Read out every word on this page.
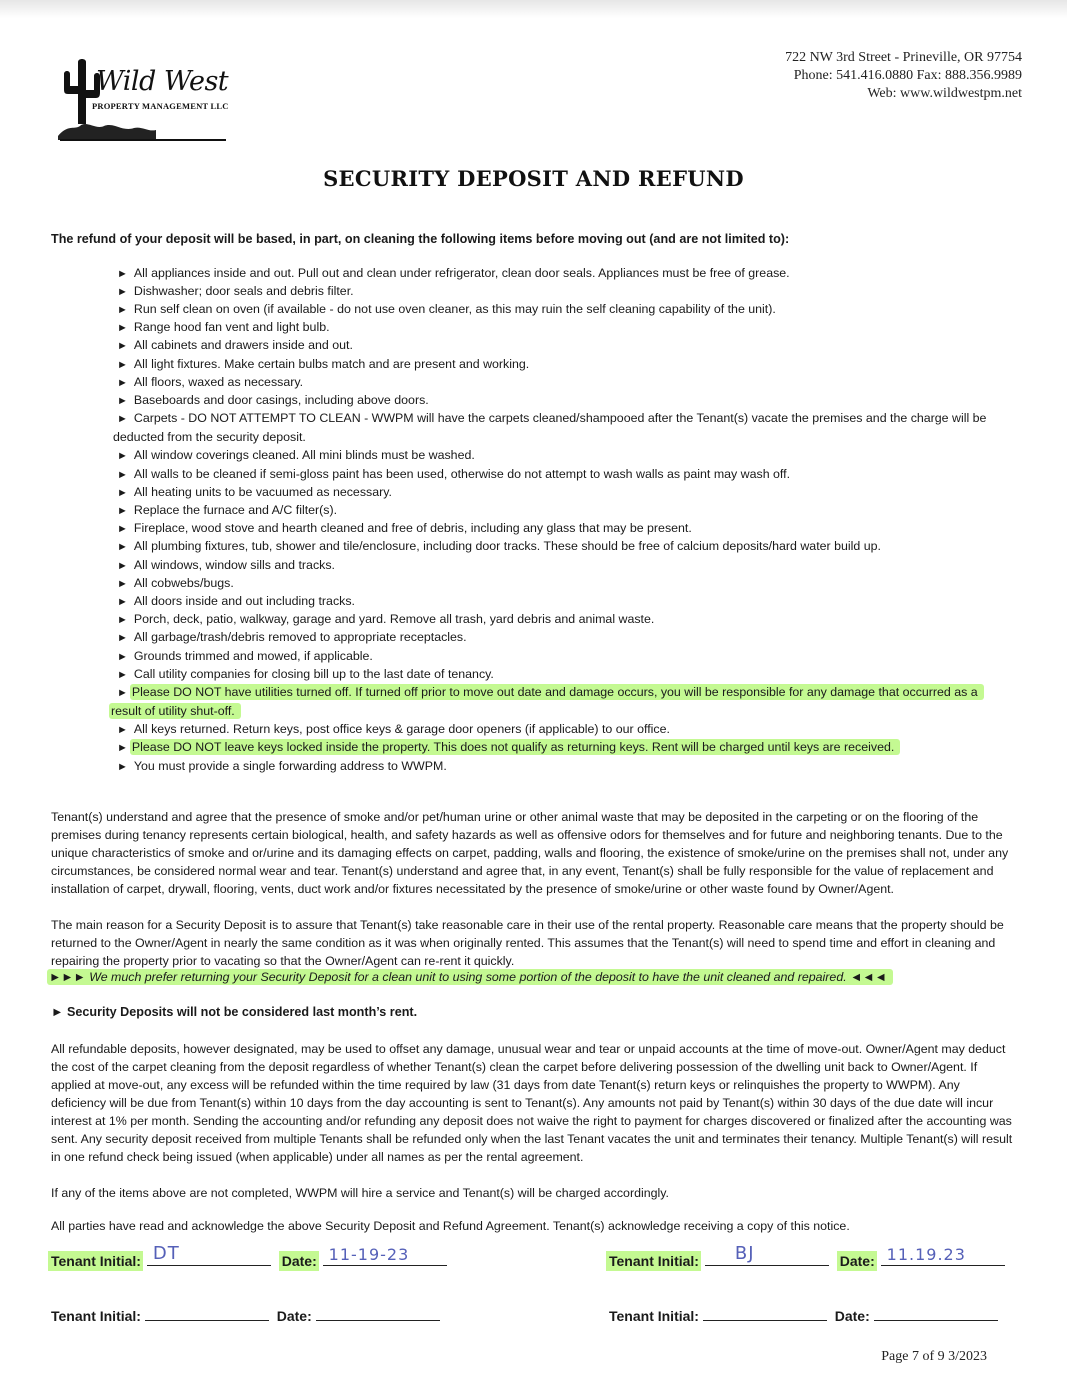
Wild West
PROPERTY MANAGEMENT LLC
722 NW 3rd Street - Prineville, OR 97754
Phone: 541.416.0880 Fax: 888.356.9989
Web: www.wildwestpm.net
SECURITY DEPOSIT AND REFUND
The refund of your deposit will be based, in part, on cleaning the following items before moving out (and are not limited to):
► All appliances inside and out. Pull out and clean under refrigerator, clean door seals. Appliances must be free of grease.
► Dishwasher; door seals and debris filter.
► Run self clean on oven (if available - do not use oven cleaner, as this may ruin the self cleaning capability of the unit).
► Range hood fan vent and light bulb.
► All cabinets and drawers inside and out.
► All light fixtures. Make certain bulbs match and are present and working.
► All floors, waxed as necessary.
► Baseboards and door casings, including above doors.
► Carpets - DO NOT ATTEMPT TO CLEAN - WWPM will have the carpets cleaned/shampooed after the Tenant(s) vacate the premises and the charge will be deducted from the security deposit.
► All window coverings cleaned. All mini blinds must be washed.
► All walls to be cleaned if semi-gloss paint has been used, otherwise do not attempt to wash walls as paint may wash off.
► All heating units to be vacuumed as necessary.
► Replace the furnace and A/C filter(s).
► Fireplace, wood stove and hearth cleaned and free of debris, including any glass that may be present.
► All plumbing fixtures, tub, shower and tile/enclosure, including door tracks. These should be free of calcium deposits/hard water build up.
► All windows, window sills and tracks.
► All cobwebs/bugs.
► All doors inside and out including tracks.
► Porch, deck, patio, walkway, garage and yard. Remove all trash, yard debris and animal waste.
► All garbage/trash/debris removed to appropriate receptacles.
► Grounds trimmed and mowed, if applicable.
► Call utility companies for closing bill up to the last date of tenancy.
► Please DO NOT have utilities turned off. If turned off prior to move out date and damage occurs, you will be responsible for any damage that occurred as a result of utility shut-off.
► All keys returned. Return keys, post office keys & garage door openers (if applicable) to our office.
► Please DO NOT leave keys locked inside the property. This does not qualify as returning keys. Rent will be charged until keys are received.
► You must provide a single forwarding address to WWPM.
Tenant(s) understand and agree that the presence of smoke and/or pet/human urine or other animal waste that may be deposited in the carpeting or on the flooring of the premises during tenancy represents certain biological, health, and safety hazards as well as offensive odors for themselves and for future and neighboring tenants. Due to the unique characteristics of smoke and or/urine and its damaging effects on carpet, padding, walls and flooring, the existence of smoke/urine on the premises shall not, under any circumstances, be considered normal wear and tear. Tenant(s) understand and agree that, in any event, Tenant(s) shall be fully responsible for the value of replacement and installation of carpet, drywall, flooring, vents, duct work and/or fixtures necessitated by the presence of smoke/urine or other waste found by Owner/Agent.
The main reason for a Security Deposit is to assure that Tenant(s) take reasonable care in their use of the rental property. Reasonable care means that the property should be returned to the Owner/Agent in nearly the same condition as it was when originally rented. This assumes that the Tenant(s) will need to spend time and effort in cleaning and repairing the property prior to vacating so that the Owner/Agent can re-rent it quickly.
►►► We much prefer returning your Security Deposit for a clean unit to using some portion of the deposit to have the unit cleaned and repaired. ◄◄◄
► Security Deposits will not be considered last month’s rent.
All refundable deposits, however designated, may be used to offset any damage, unusual wear and tear or unpaid accounts at the time of move-out. Owner/Agent may deduct the cost of the carpet cleaning from the deposit regardless of whether Tenant(s) clean the carpet before delivering possession of the dwelling unit back to Owner/Agent. If applied at move-out, any excess will be refunded within the time required by law (31 days from date Tenant(s) return keys or relinquishes the property to WWPM). Any deficiency will be due from Tenant(s) within 10 days from the day accounting is sent to Tenant(s). Any amounts not paid by Tenant(s) within 30 days of the due date will incur interest at 1% per month. Sending the accounting and/or refunding any deposit does not waive the right to payment for charges discovered or finalized after the accounting was sent. Any security deposit received from multiple Tenants shall be refunded only when the last Tenant vacates the unit and terminates their tenancy. Multiple Tenant(s) will result in one refund check being issued (when applicable) under all names as per the rental agreement.
If any of the items above are not completed, WWPM will hire a service and Tenant(s) will be charged accordingly.
All parties have read and acknowledge the above Security Deposit and Refund Agreement. Tenant(s) acknowledge receiving a copy of this notice.
Tenant Initial: DT	Date: 11-19-23	Tenant Initial: BJ	Date: 11.19.23
Tenant Initial:	Date:	Tenant Initial:	Date:
Page 7 of 9 3/2023
